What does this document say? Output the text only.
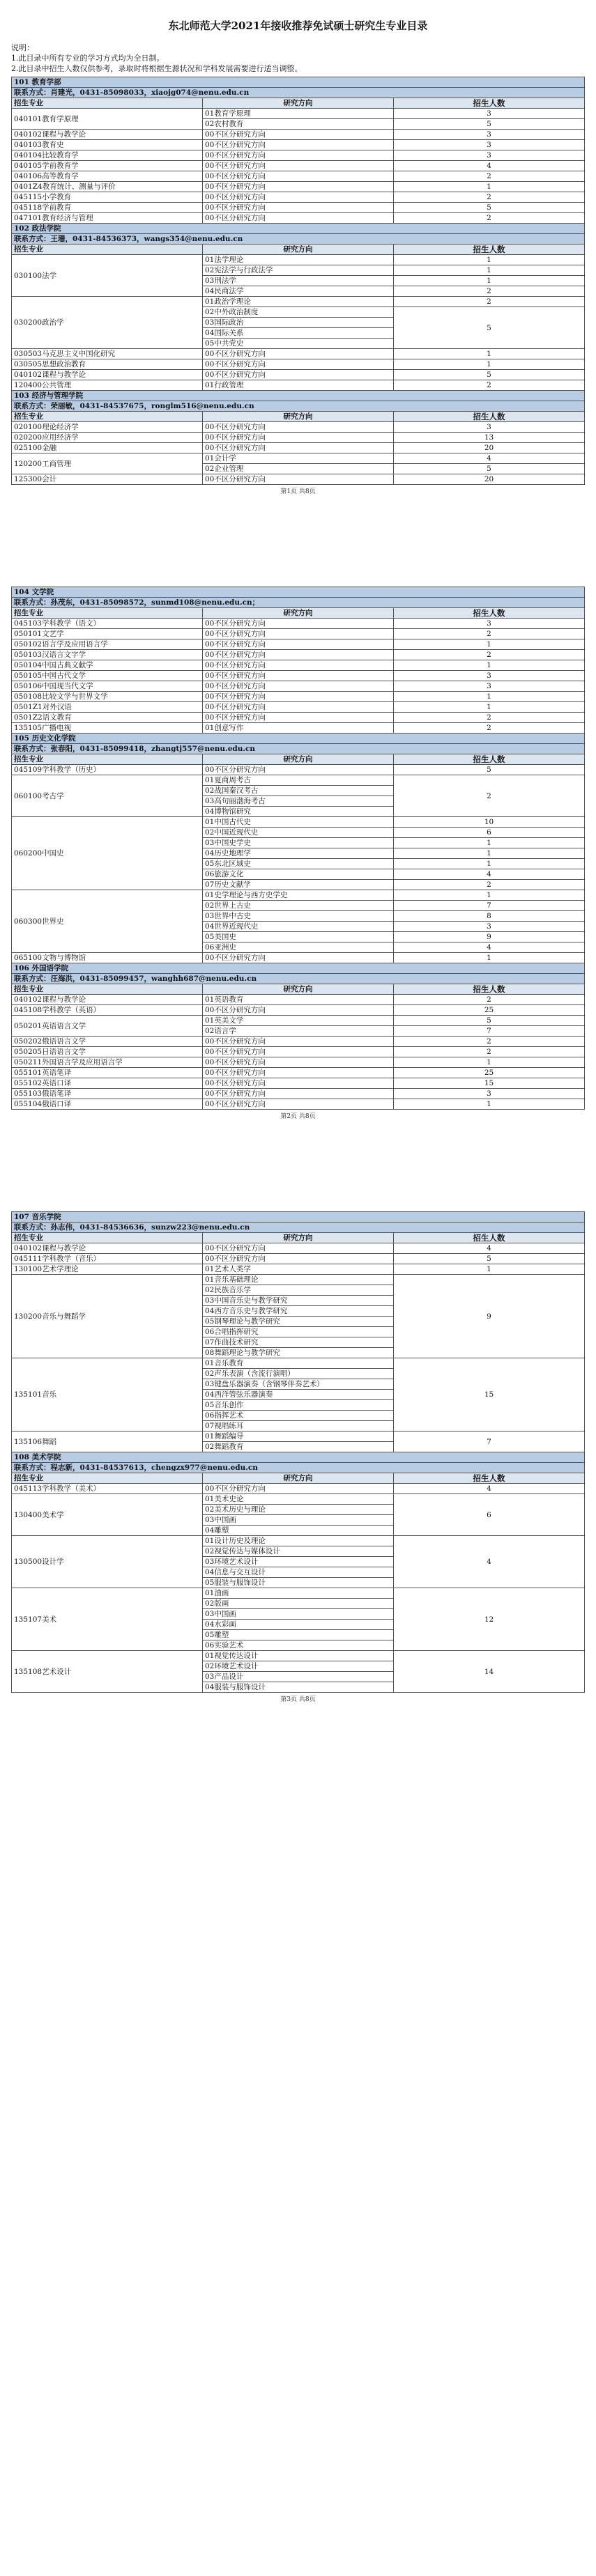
东北师范大学2021年接收推荐免试硕士研究生专业目录
说明：
1.此目录中所有专业的学习方式均为全日制。
2.此目录中招生人数仅供参考，录取时将根据生源状况和学科发展需要进行适当调整。
101 教育学部		
联系方式：肖建光，0431-85098033，xiaojg074@nenu.edu.cn		
招生专业	研究方向	招生人数
040101教育学原理	01教育学原理	3
	02农村教育	5
040102课程与教学论	00不区分研究方向	3
040103教育史	00不区分研究方向	3
040104比较教育学	00不区分研究方向	3
040105学前教育学	00不区分研究方向	4
040106高等教育学	00不区分研究方向	2
0401Z4教育统计、测量与评价	00不区分研究方向	1
045115小学教育	00不区分研究方向	2
045118学前教育	00不区分研究方向	5
047101教育经济与管理	00不区分研究方向	2
102 政法学院		
联系方式：王珊，0431-84536373，wangs354@nenu.edu.cn		
招生专业	研究方向	招生人数
030100法学	01法学理论	1
	02宪法学与行政法学	1
	03刑法学	1
	04民商法学	2
030200政治学	01政治学理论	2
	02中外政治制度	5
	03国际政治	
	04国际关系	
	05中共党史	
030503马克思主义中国化研究	00不区分研究方向	1
030505思想政治教育	00不区分研究方向	1
040102课程与教学论	00不区分研究方向	5
120400公共管理	01行政管理	2
103 经济与管理学院		
联系方式：荣丽敏，0431-84537675，ronglm516@nenu.edu.cn		
招生专业	研究方向	招生人数
020100理论经济学	00不区分研究方向	3
020200应用经济学	00不区分研究方向	13
025100金融	00不区分研究方向	20
120200工商管理	01会计学	4
	02企业管理	5
125300会计	00不区分研究方向	20
第1页 共8页
104 文学院		
联系方式：孙茂东，0431-85098572，sunmd108@nenu.edu.cn；		
招生专业	研究方向	招生人数
045103学科教学（语文）	00不区分研究方向	3
050101文艺学	00不区分研究方向	2
050102语言学及应用语言学	00不区分研究方向	1
050103汉语言文字学	00不区分研究方向	2
050104中国古典文献学	00不区分研究方向	1
050105中国古代文学	00不区分研究方向	3
050106中国现当代文学	00不区分研究方向	3
050108比较文学与世界文学	00不区分研究方向	1
0501Z1对外汉语	00不区分研究方向	1
0501Z2语文教育	00不区分研究方向	2
135105广播电视	01创意写作	2
105 历史文化学院		
联系方式：张春阳，0431-85099418，zhangtj557@nenu.edu.cn		
招生专业	研究方向	招生人数
045109学科教学（历史）	00不区分研究方向	5
060100考古学	01夏商周考古	2
	02战国秦汉考古	
	03高句丽渤海考古	
	04博物馆研究	
060200中国史	01中国古代史	10
	02中国近现代史	6
	03中国史学史	1
	04历史地理学	1
	05东北区域史	1
	06旅游文化	4
	07历史文献学	2
060300世界史	01史学理论与西方史学史	1
	02世界上古史	7
	03世界中古史	8
	04世界近现代史	3
	05美国史	9
	06亚洲史	4
065100文物与博物馆	00不区分研究方向	1
106 外国语学院		
联系方式：汪海洪，0431-85099457，wanghh687@nenu.edu.cn		
招生专业	研究方向	招生人数
040102课程与教学论	01英语教育	2
045108学科教学（英语）	00不区分研究方向	25
050201英语语言文学	01英美文学	5
	02语言学	7
050202俄语语言文学	00不区分研究方向	2
050205日语语言文学	00不区分研究方向	2
050211外国语言学及应用语言学	00不区分研究方向	1
055101英语笔译	00不区分研究方向	25
055102英语口译	00不区分研究方向	15
055103俄语笔译	00不区分研究方向	3
055104俄语口译	00不区分研究方向	1
第2页 共8页
107 音乐学院		
联系方式：孙志伟，0431-84536636，sunzw223@nenu.edu.cn		
招生专业	研究方向	招生人数
040102课程与教学论	00不区分研究方向	4
045111学科教学（音乐）	00不区分研究方向	5
130100艺术学理论	01艺术人类学	1
130200音乐与舞蹈学	01音乐基础理论	9
	02民族音乐学	
	03中国音乐史与教学研究	
	04西方音乐史与教学研究	
	05钢琴理论与教学研究	
	06合唱指挥研究	
	07作曲技术研究	
	08舞蹈理论与教学研究	
135101音乐	01音乐教育	15
	02声乐表演（含流行演唱）	
	03键盘乐器演奏（含钢琴伴奏艺术）	
	04西洋管弦乐器演奏	
	05音乐创作	
	06指挥艺术	
	07视唱练耳	
135106舞蹈	01舞蹈编导	7
	02舞蹈教育	
108 美术学院		
联系方式：程志新，0431-84537613，chengzx977@nenu.edu.cn		
招生专业	研究方向	招生人数
045113学科教学（美术）	00不区分研究方向	4
130400美术学	01美术史论	6
	02美术历史与理论	
	03中国画	
	04雕塑	
130500设计学	01设计历史及理论	4
	02视觉传达与媒体设计	
	03环境艺术设计	
	04信息与交互设计	
	05服装与服饰设计	
135107美术	01油画	12
	02版画	
	03中国画	
	04水彩画	
	05雕塑	
	06实验艺术	
135108艺术设计	01视觉传达设计	14
	02环境艺术设计	
	03产品设计	
	04服装与服饰设计	
第3页 共8页
